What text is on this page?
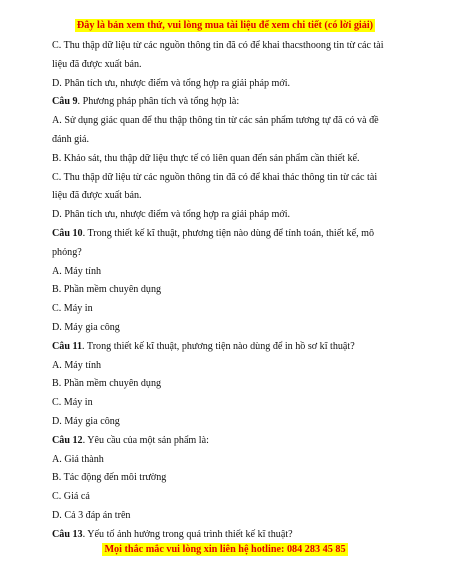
Đây là bản xem thử, vui lòng mua tài liệu để xem chi tiết (có lời giải)
C. Thu thập dữ liệu từ các nguồn thông tin đã có để khai thacsthoong tin từ các tài
liệu đã được xuất bản.
D. Phân tích ưu, nhược điểm và tổng hợp ra giải pháp mới.
Câu 9. Phương pháp phân tích và tổng hợp là:
A. Sử dụng giác quan để thu thập thông tin từ các sản phẩm tương tự đã có và đề
đánh giá.
B. Khảo sát, thu thập dữ liệu thực tế có liên quan đến sản phẩm cần thiết kế.
C. Thu thập dữ liệu từ các nguồn thông tin đã có để khai thác thông tin từ các tài
liệu đã được xuất bản.
D. Phân tích ưu, nhược điểm và tổng hợp ra giải pháp mới.
Câu 10. Trong thiết kế kĩ thuật, phương tiện nào dùng để tính toán, thiết kế, mô
phỏng?
A. Máy tính
B. Phần mềm chuyên dụng
C. Máy in
D. Máy gia công
Câu 11. Trong thiết kế kĩ thuật, phương tiện nào dùng để in hồ sơ kĩ thuật?
A. Máy tính
B. Phần mềm chuyên dụng
C. Máy in
D. Máy gia công
Câu 12. Yêu cầu của một sản phẩm là:
A. Giá thành
B. Tác động đến môi trường
C. Giá cả
D. Cả 3 đáp án trên
Câu 13. Yếu tố ảnh hưởng trong quá trình thiết kế kĩ thuật?
Mọi thắc mắc vui lòng xin liên hệ hotline: 084 283 45 85
